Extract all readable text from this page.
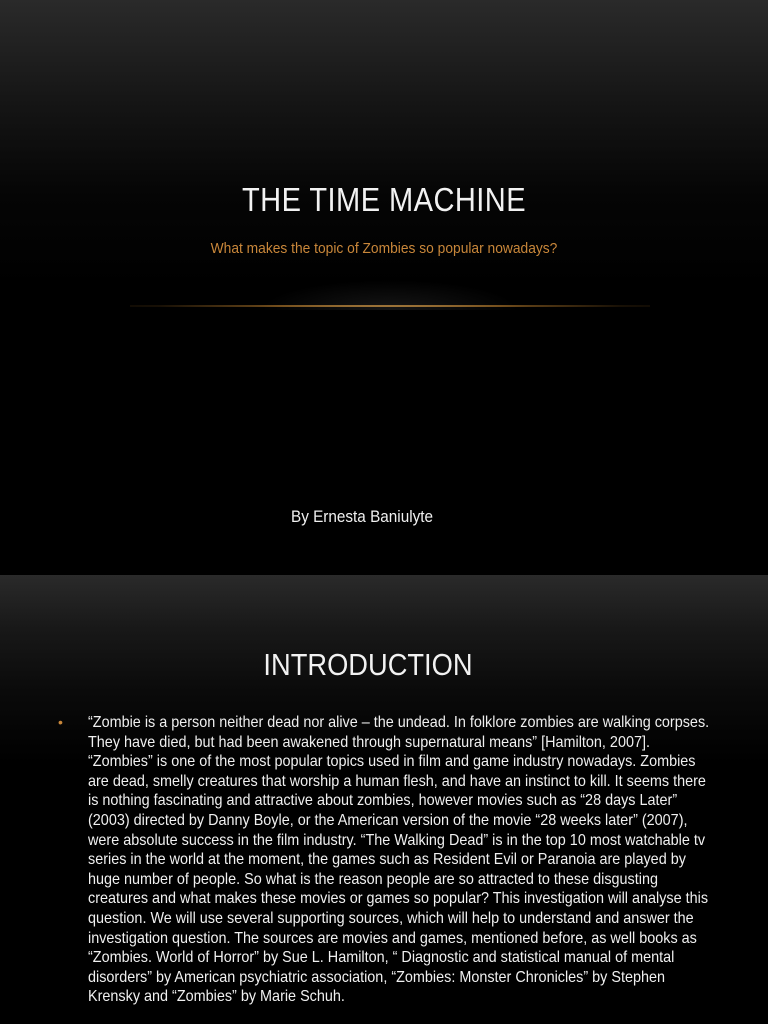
THE TIME MACHINE
What makes the topic of Zombies so popular nowadays?
By Ernesta Baniulyte
INTRODUCTION
• “Zombie is a person neither dead nor alive – the undead. In folklore zombies are walking corpses. They have died, but had been awakened through supernatural means” [Hamilton, 2007]. “Zombies” is one of the most popular topics used in film and game industry nowadays. Zombies are dead, smelly creatures that worship a human flesh, and have an instinct to kill. It seems there is nothing fascinating and attractive about zombies, however movies such as “28 days Later” (2003) directed by Danny Boyle, or the American version of the movie “28 weeks later” (2007), were absolute success in the film industry. “The Walking Dead” is in the top 10 most watchable tv series in the world at the moment, the games such as Resident Evil or Paranoia are played by huge number of people. So what is the reason people are so attracted to these disgusting creatures and what makes these movies or games so popular? This investigation will analyse this question. We will use several supporting sources, which will help to understand and answer the investigation question. The sources are movies and games, mentioned before, as well books as “Zombies. World of Horror” by Sue L. Hamilton, “ Diagnostic and statistical manual of mental disorders” by American psychiatric association, “Zombies: Monster Chronicles” by Stephen Krensky and “Zombies” by Marie Schuh.
